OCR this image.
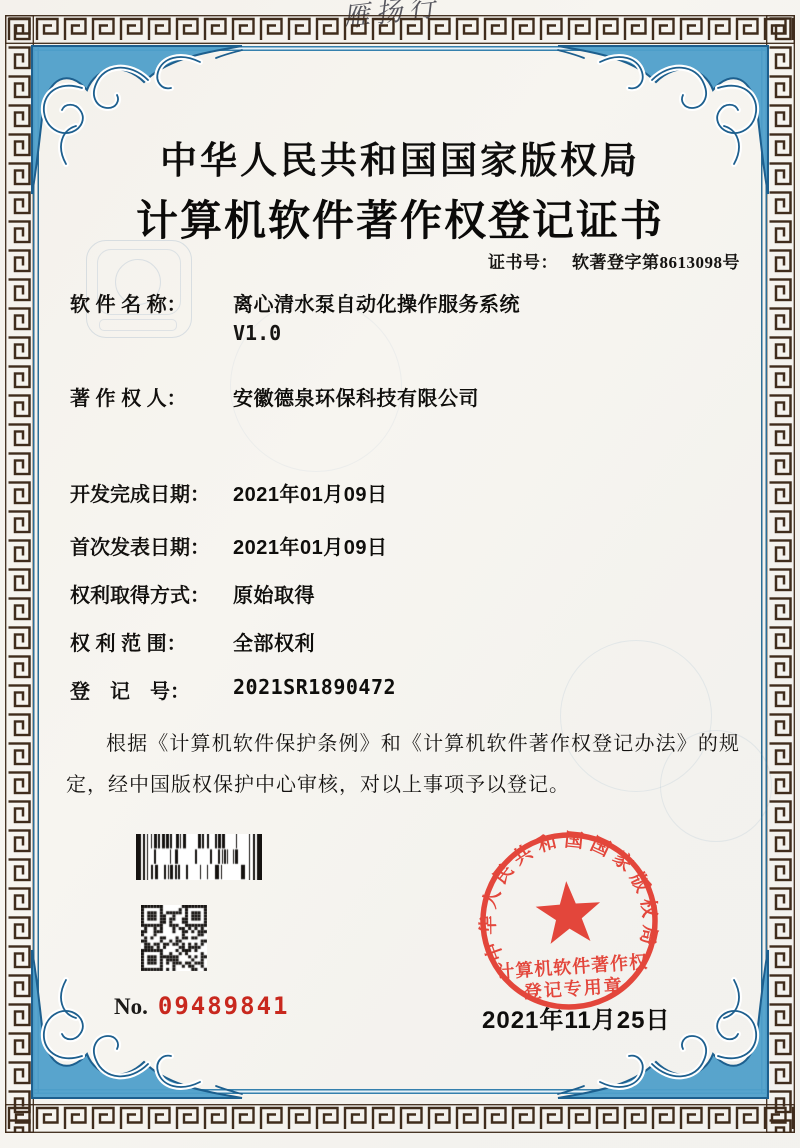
中华人民共和国国家版权局
计算机软件著作权登记证书
证书号： 软著登字第8613098号
软 件 名 称： 离心清水泵自动化操作服务系统
V1.0
著 作 权 人： 安徽德泉环保科技有限公司
开发完成日期： 2021年01月09日
首次发表日期： 2021年01月09日
权利取得方式： 原始取得
权 利 范 围： 全部权利
登　记　号： 2021SR1890472
根据《计算机软件保护条例》和《计算机软件著作权登记办法》的规定，经中国版权保护中心审核，对以上事项予以登记。
No. 09489841
中华人民共和国国家版权局
计算机软件著作权
登记专用章
2021年11月25日
